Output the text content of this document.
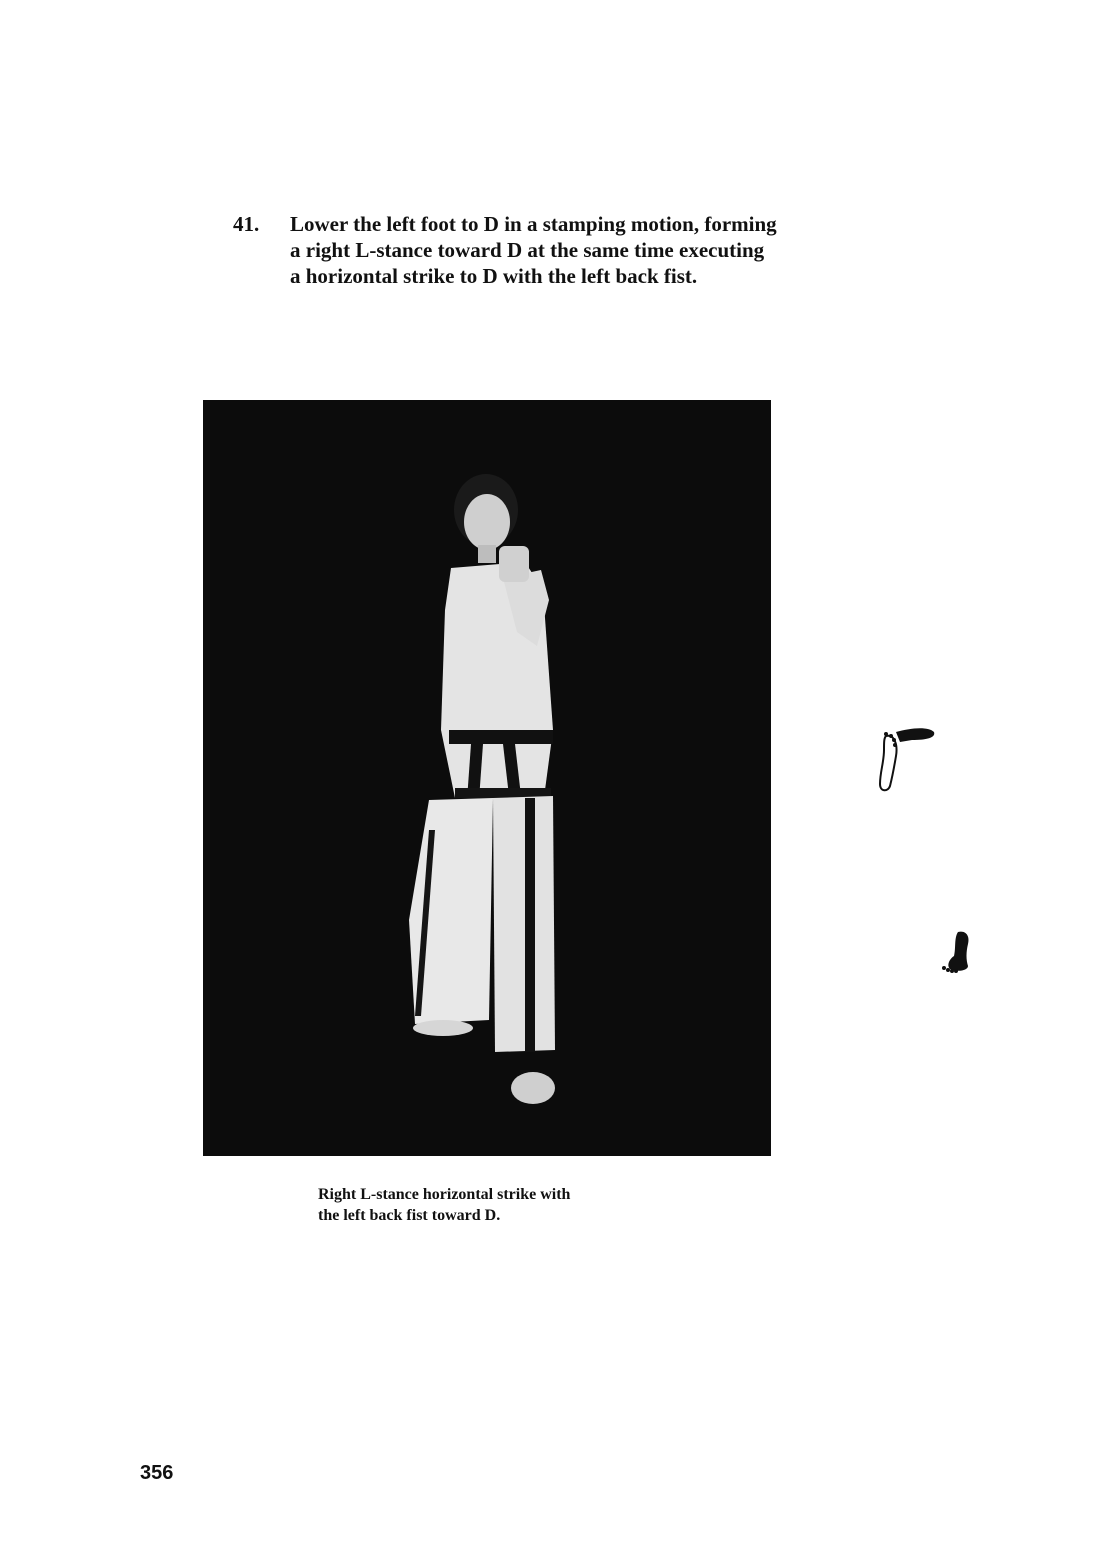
41. Lower the left foot to D in a stamping motion, forming
a right L-stance toward D at the same time executing
a horizontal strike to D with the left back fist.
Right L-stance horizontal strike with
the left back fist toward D.
356
